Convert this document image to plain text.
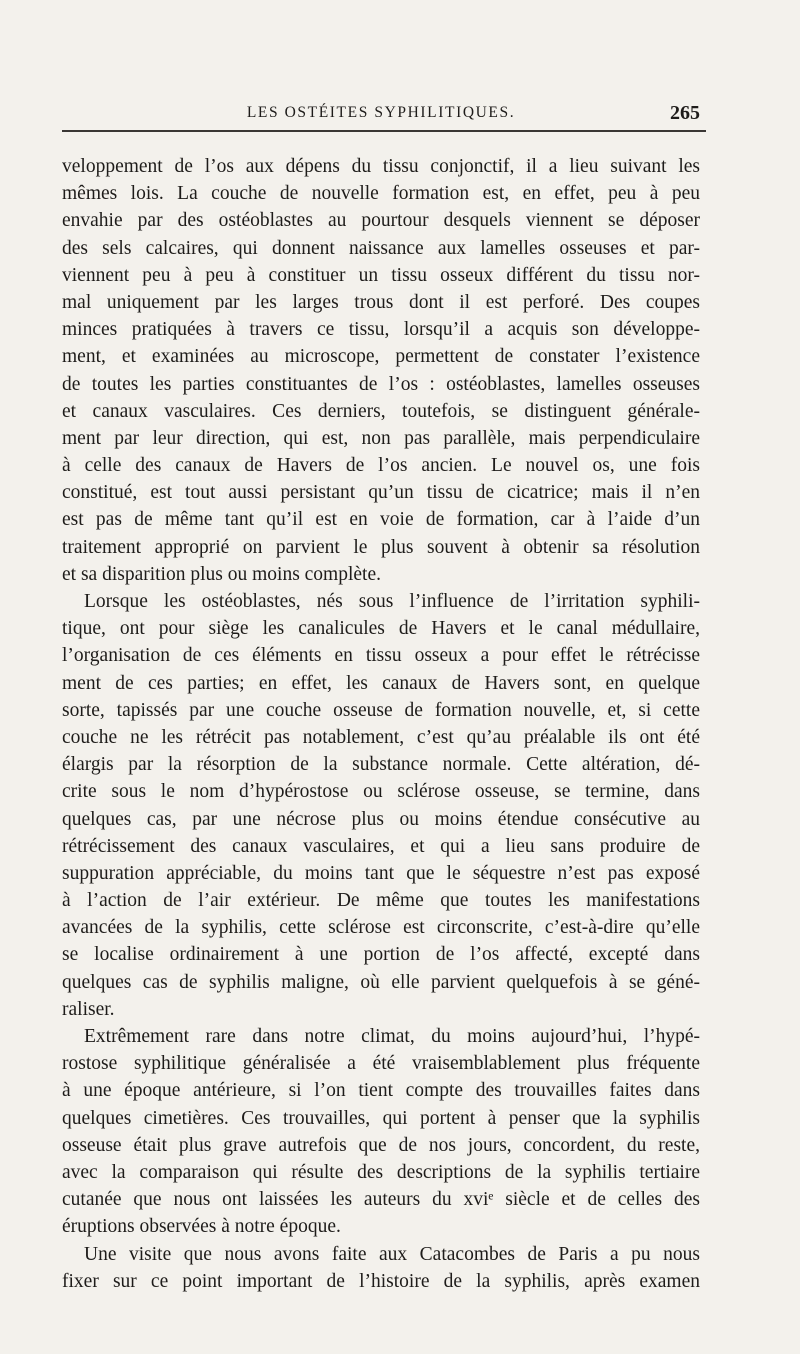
LES OSTÉITES SYPHILITIQUES.	265
veloppement de l’os aux dépens du tissu conjonctif, il a lieu suivant les
mêmes lois. La couche de nouvelle formation est, en effet, peu à peu
envahie par des ostéoblastes au pourtour desquels viennent se déposer
des sels calcaires, qui donnent naissance aux lamelles osseuses et par-
viennent peu à peu à constituer un tissu osseux différent du tissu nor-
mal uniquement par les larges trous dont il est perforé. Des coupes
minces pratiquées à travers ce tissu, lorsqu’il a acquis son développe-
ment, et examinées au microscope, permettent de constater l’existence
de toutes les parties constituantes de l’os : ostéoblastes, lamelles osseuses
et canaux vasculaires. Ces derniers, toutefois, se distinguent générale-
ment par leur direction, qui est, non pas parallèle, mais perpendiculaire
à celle des canaux de Havers de l’os ancien. Le nouvel os, une fois
constitué, est tout aussi persistant qu’un tissu de cicatrice; mais il n’en
est pas de même tant qu’il est en voie de formation, car à l’aide d’un
traitement approprié on parvient le plus souvent à obtenir sa résolution
et sa disparition plus ou moins complète.
Lorsque les ostéoblastes, nés sous l’influence de l’irritation syphili-
tique, ont pour siège les canalicules de Havers et le canal médullaire,
l’organisation de ces éléments en tissu osseux a pour effet le rétrécisse
ment de ces parties; en effet, les canaux de Havers sont, en quelque
sorte, tapissés par une couche osseuse de formation nouvelle, et, si cette
couche ne les rétrécit pas notablement, c’est qu’au préalable ils ont été
élargis par la résorption de la substance normale. Cette altération, dé-
crite sous le nom d’hypérostose ou sclérose osseuse, se termine, dans
quelques cas, par une nécrose plus ou moins étendue consécutive au
rétrécissement des canaux vasculaires, et qui a lieu sans produire de
suppuration appréciable, du moins tant que le séquestre n’est pas exposé
à l’action de l’air extérieur. De même que toutes les manifestations
avancées de la syphilis, cette sclérose est circonscrite, c’est-à-dire qu’elle
se localise ordinairement à une portion de l’os affecté, excepté dans
quelques cas de syphilis maligne, où elle parvient quelquefois à se géné-
raliser.
Extrêmement rare dans notre climat, du moins aujourd’hui, l’hypé-
rostose syphilitique généralisée a été vraisemblablement plus fréquente
à une époque antérieure, si l’on tient compte des trouvailles faites dans
quelques cimetières. Ces trouvailles, qui portent à penser que la syphilis
osseuse était plus grave autrefois que de nos jours, concordent, du reste,
avec la comparaison qui résulte des descriptions de la syphilis tertiaire
cutanée que nous ont laissées les auteurs du xviᵉ siècle et de celles des
éruptions observées à notre époque.
Une visite que nous avons faite aux Catacombes de Paris a pu nous
fixer sur ce point important de l’histoire de la syphilis, après examen
